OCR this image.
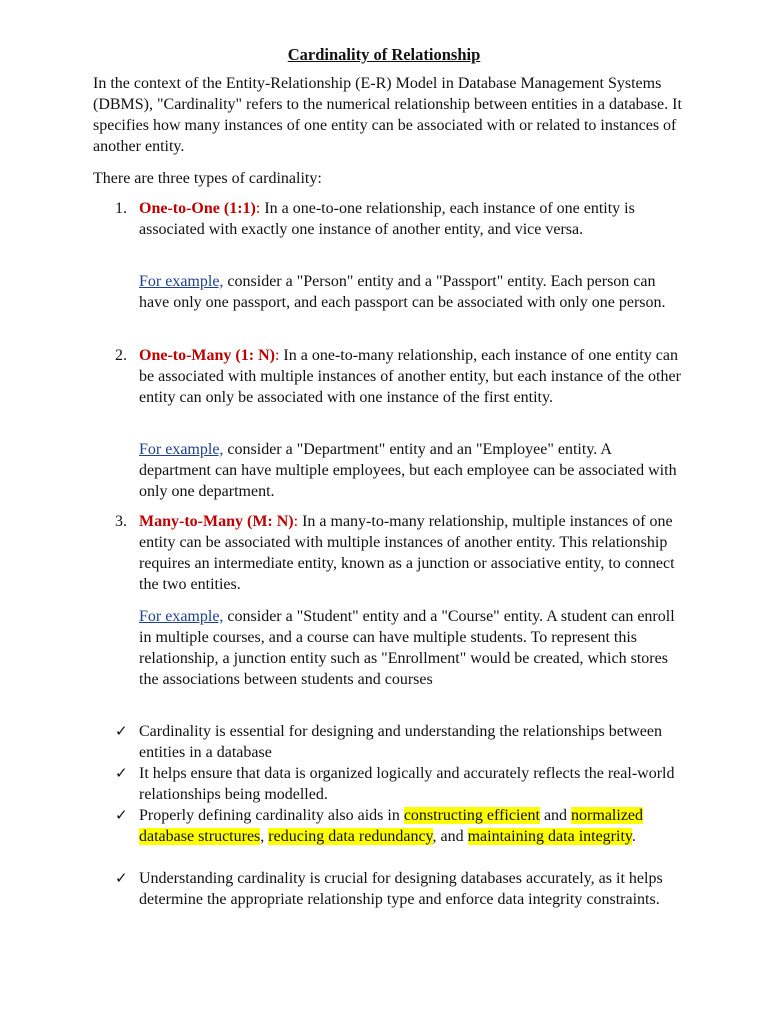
Cardinality of Relationship

In the context of the Entity-Relationship (E-R) Model in Database Management Systems (DBMS), "Cardinality" refers to the numerical relationship between entities in a database. It specifies how many instances of one entity can be associated with or related to instances of another entity.

There are three types of cardinality:

1. One-to-One (1:1): In a one-to-one relationship, each instance of one entity is associated with exactly one instance of another entity, and vice versa.

For example, consider a "Person" entity and a "Passport" entity. Each person can have only one passport, and each passport can be associated with only one person.

2. One-to-Many (1: N): In a one-to-many relationship, each instance of one entity can be associated with multiple instances of another entity, but each instance of the other entity can only be associated with one instance of the first entity.

For example, consider a "Department" entity and an "Employee" entity. A department can have multiple employees, but each employee can be associated with only one department.

3. Many-to-Many (M: N): In a many-to-many relationship, multiple instances of one entity can be associated with multiple instances of another entity. This relationship requires an intermediate entity, known as a junction or associative entity, to connect the two entities.

For example, consider a "Student" entity and a "Course" entity. A student can enroll in multiple courses, and a course can have multiple students. To represent this relationship, a junction entity such as "Enrollment" would be created, which stores the associations between students and courses

✓ Cardinality is essential for designing and understanding the relationships between entities in a database

✓ It helps ensure that data is organized logically and accurately reflects the real-world relationships being modelled.

✓ Properly defining cardinality also aids in constructing efficient and normalized database structures, reducing data redundancy, and maintaining data integrity.

✓ Understanding cardinality is crucial for designing databases accurately, as it helps determine the appropriate relationship type and enforce data integrity constraints.
